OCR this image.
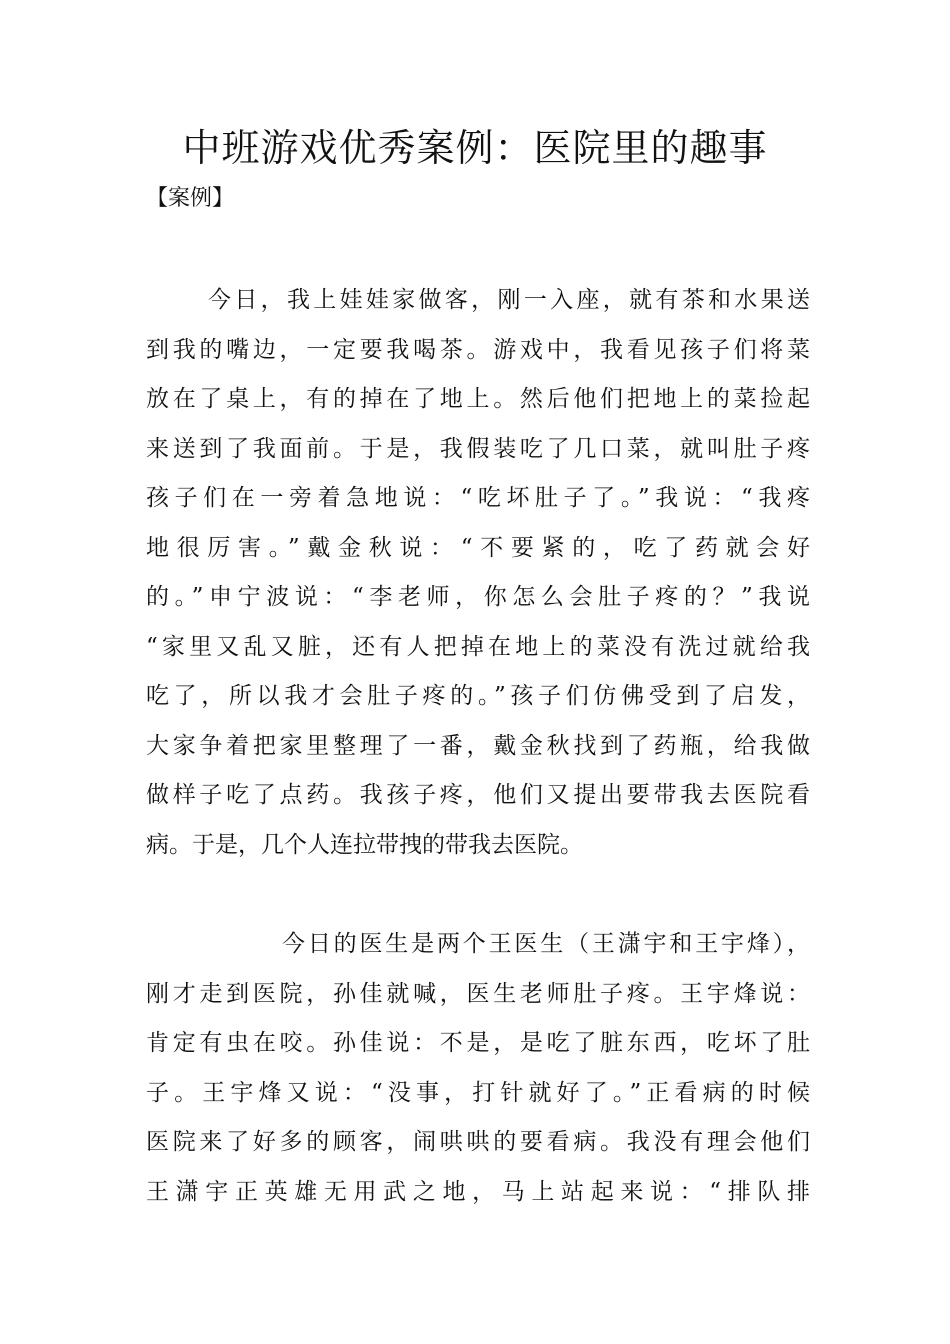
中班游戏优秀案例：医院里的趣事
【案例】
今日，我上娃娃家做客，刚一入座，就有茶和水果送
到我的嘴边，一定要我喝茶。游戏中，我看见孩子们将菜
放在了桌上，有的掉在了地上。然后他们把地上的菜捡起
来送到了我面前。于是，我假装吃了几口菜，就叫肚子疼
孩子们在一旁着急地说：“吃坏肚子了。”我说：“我疼
地很厉害。”戴金秋说：“不要紧的，吃了药就会好
的。”申宁波说：“李老师，你怎么会肚子疼的？”我说
“家里又乱又脏，还有人把掉在地上的菜没有洗过就给我
吃了，所以我才会肚子疼的。”孩子们仿佛受到了启发，
大家争着把家里整理了一番，戴金秋找到了药瓶，给我做
做样子吃了点药。我孩子疼，他们又提出要带我去医院看
病。于是，几个人连拉带拽的带我去医院。
今日的医生是两个王医生（王潇宇和王宇烽），
刚才走到医院，孙佳就喊，医生老师肚子疼。王宇烽说：
肯定有虫在咬。孙佳说：不是，是吃了脏东西，吃坏了肚
子。王宇烽又说：“没事，打针就好了。”正看病的时候
医院来了好多的顾客，闹哄哄的要看病。我没有理会他们
王潇宇正英雄无用武之地，马上站起来说：“排队排
